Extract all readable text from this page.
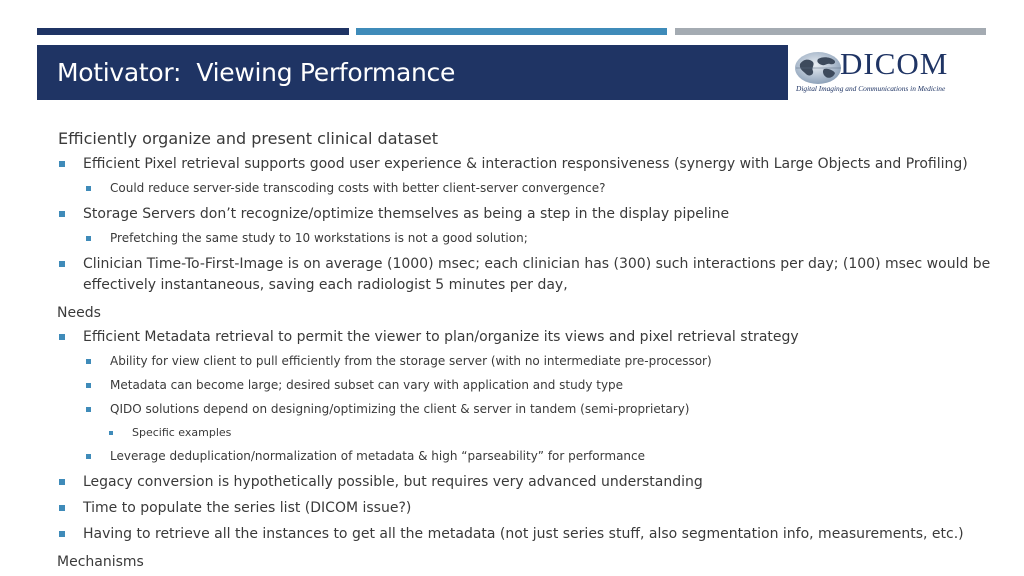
Motivator:  Viewing Performance	DICOM
Digital Imaging and Communications in Medicine
Efficiently organize and present clinical dataset
Efficient Pixel retrieval supports good user experience & interaction responsiveness (synergy with Large Objects and Profiling)
Could reduce server-side transcoding costs with better client-server convergence?
Storage Servers don’t recognize/optimize themselves as being a step in the display pipeline
Prefetching the same study to 10 workstations is not a good solution;
Clinician Time-To-First-Image is on average (1000) msec; each clinician has (300) such interactions per day; (100) msec would be effectively instantaneous, saving each radiologist 5 minutes per day,
Needs
Efficient Metadata retrieval to permit the viewer to plan/organize its views and pixel retrieval strategy
Ability for view client to pull efficiently from the storage server (with no intermediate pre-processor)
Metadata can become large; desired subset can vary with application and study type
QIDO solutions depend on designing/optimizing the client & server in tandem (semi-proprietary)
Specific examples
Leverage deduplication/normalization of metadata & high “parseability” for performance
Legacy conversion is hypothetically possible, but requires very advanced understanding
Time to populate the series list (DICOM issue?)
Having to retrieve all the instances to get all the metadata (not just series stuff, also segmentation info, measurements, etc.)
Mechanisms
